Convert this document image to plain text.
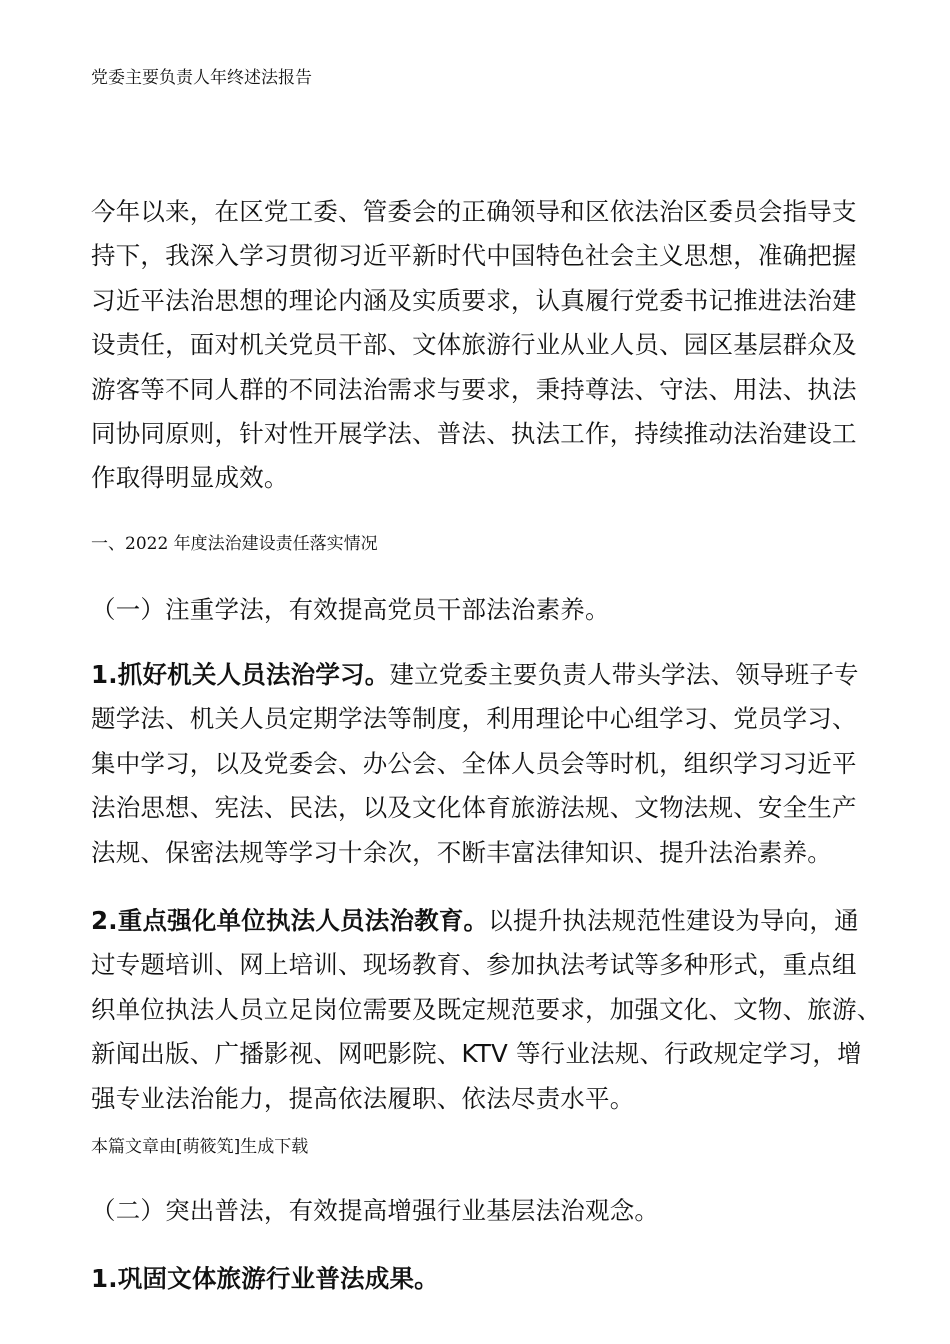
党委主要负责人年终述法报告
今年以来，在区党工委、管委会的正确领导和区依法治区委员会指导支
持下，我深入学习贯彻习近平新时代中国特色社会主义思想，准确把握
习近平法治思想的理论内涵及实质要求，认真履行党委书记推进法治建
设责任，面对机关党员干部、文体旅游行业从业人员、园区基层群众及
游客等不同人群的不同法治需求与要求，秉持尊法、守法、用法、执法
同协同原则，针对性开展学法、普法、执法工作，持续推动法治建设工
作取得明显成效。
一、2022 年度法治建设责任落实情况
（一）注重学法，有效提高党员干部法治素养。
1.抓好机关人员法治学习。建立党委主要负责人带头学法、领导班子专
题学法、机关人员定期学法等制度，利用理论中心组学习、党员学习、
集中学习，以及党委会、办公会、全体人员会等时机，组织学习习近平
法治思想、宪法、民法，以及文化体育旅游法规、文物法规、安全生产
法规、保密法规等学习十余次，不断丰富法律知识、提升法治素养。
2.重点强化单位执法人员法治教育。以提升执法规范性建设为导向，通
过专题培训、网上培训、现场教育、参加执法考试等多种形式，重点组
织单位执法人员立足岗位需要及既定规范要求，加强文化、文物、旅游、
新闻出版、广播影视、网吧影院、KTV 等行业法规、行政规定学习，增
强专业法治能力，提高依法履职、依法尽责水平。
本篇文章由[萌筱笂]生成下载
（二）突出普法，有效提高增强行业基层法治观念。
1.巩固文体旅游行业普法成果。
